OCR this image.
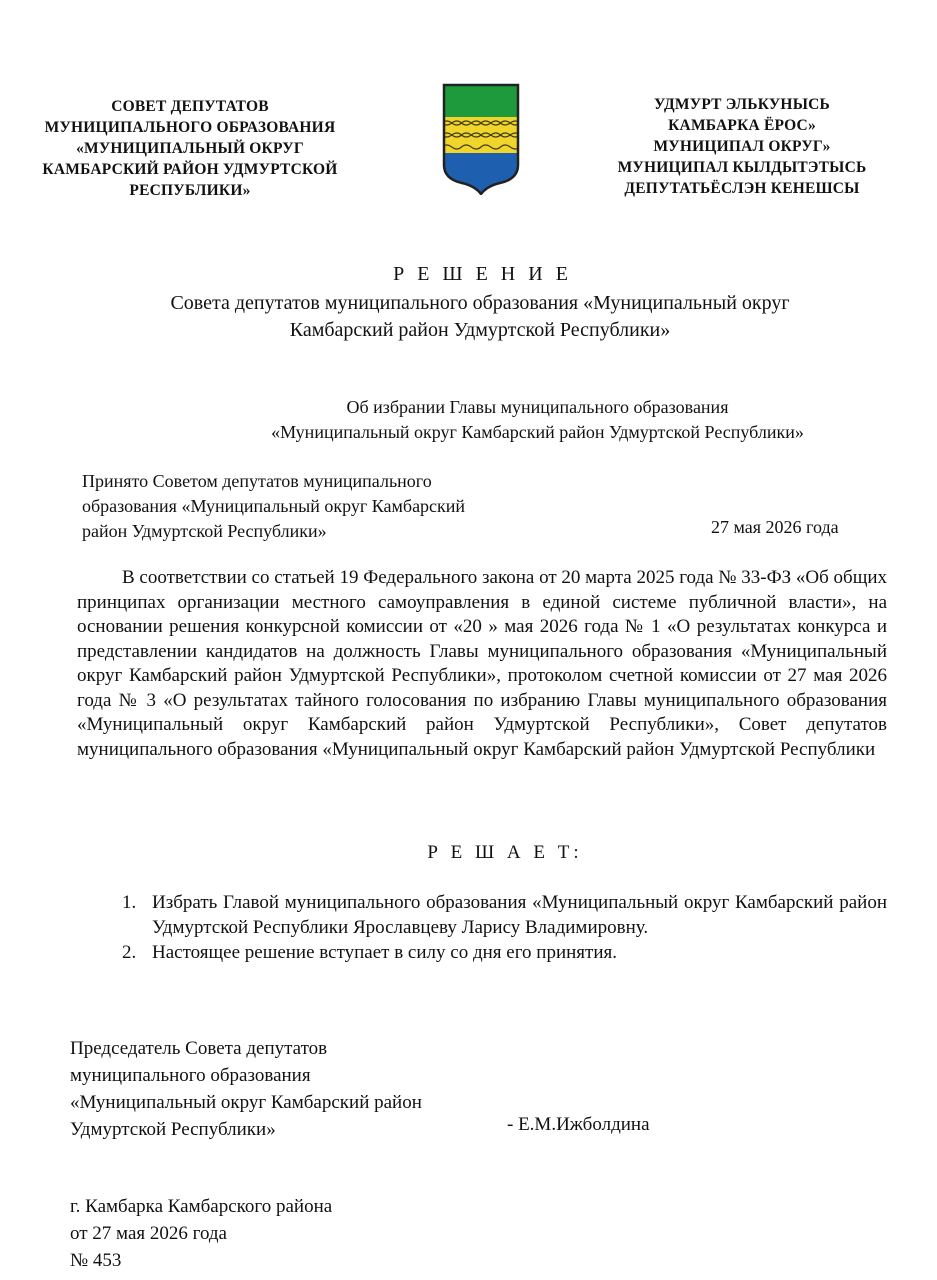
СОВЕТ ДЕПУТАТОВ
МУНИЦИПАЛЬНОГО ОБРАЗОВАНИЯ
«МУНИЦИПАЛЬНЫЙ ОКРУГ
КАМБАРСКИЙ РАЙОН УДМУРТСКОЙ
РЕСПУБЛИКИ»
УДМУРТ ЭЛЬКУНЫСЬ
КАМБАРКА ЁРОС»
МУНИЦИПАЛ ОКРУГ»
МУНИЦИПАЛ КЫЛДЫТЭТЫСЬ
ДЕПУТАТЬЁСЛЭН КЕНЕШСЫ
Р Е Ш Е Н И Е
Совета депутатов муниципального образования «Муниципальный округ
Камбарский район Удмуртской Республики»
Об избрании Главы муниципального образования
«Муниципальный округ Камбарский район Удмуртской Республики»
Принято Советом депутатов муниципального
образования «Муниципальный округ Камбарский
район Удмуртской Республики»	27 мая 2026 года
В соответствии со статьей 19 Федерального закона от 20 марта 2025 года № 33-ФЗ «Об общих принципах организации местного самоуправления в единой системе публичной власти», на основании решения конкурсной комиссии от «20 » мая 2026 года № 1 «О результатах конкурса и представлении кандидатов на должность Главы муниципального образования «Муниципальный округ Камбарский район Удмуртской Республики», протоколом счетной комиссии от 27 мая 2026 года № 3 «О результатах тайного голосования по избранию Главы муниципального образования «Муниципальный округ Камбарский район Удмуртской Республики», Совет депутатов муниципального образования «Муниципальный округ Камбарский район Удмуртской Республики
Р Е Ш А Е Т:
1. Избрать Главой муниципального образования «Муниципальный округ Камбарский район Удмуртской Республики Ярославцеву Ларису Владимировну.
2. Настоящее решение вступает в силу со дня его принятия.
Председатель Совета депутатов
муниципального образования
«Муниципальный округ Камбарский район
Удмуртской Республики»	- Е.М.Ижболдина
г. Камбарка Камбарского района
от 27 мая 2026 года
№ 453
